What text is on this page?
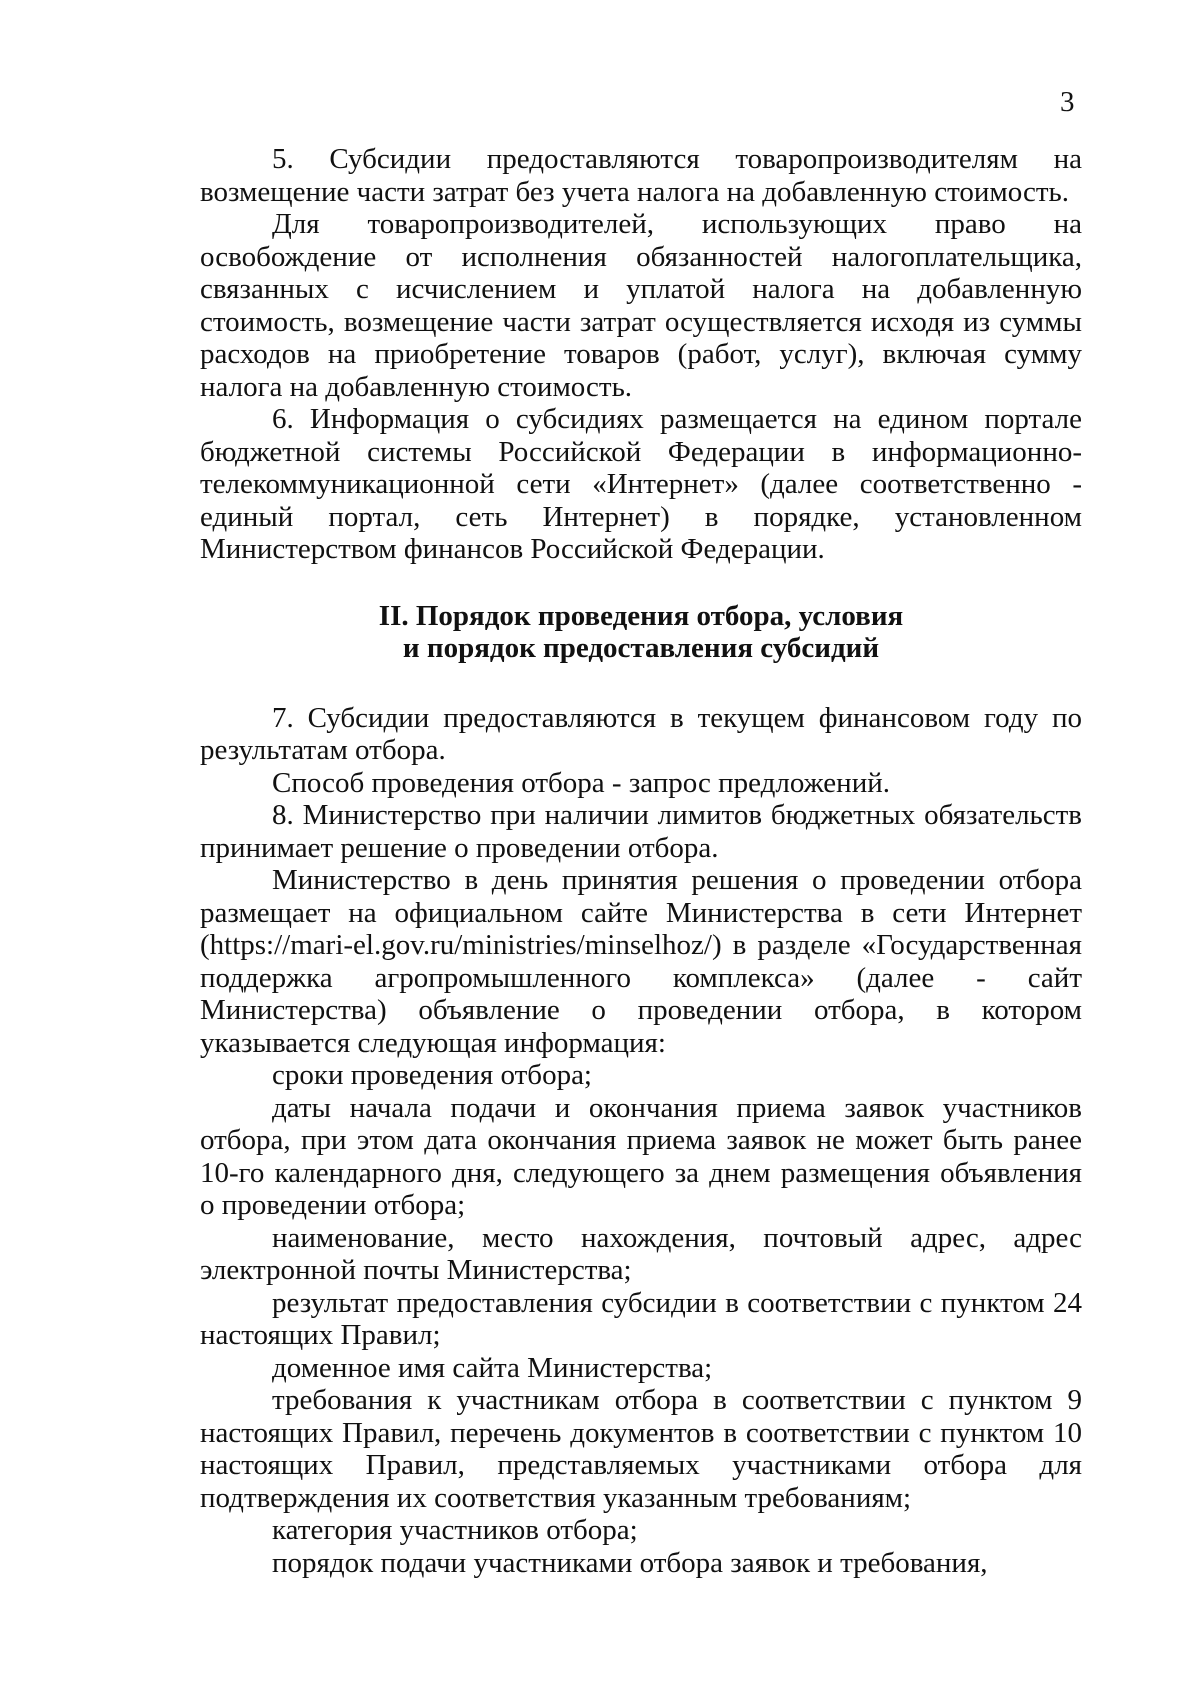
3

5. Субсидии предоставляются товаропроизводителям на возмещение части затрат без учета налога на добавленную стоимость.

Для товаропроизводителей, использующих право на освобождение от исполнения обязанностей налогоплательщика, связанных с исчислением и уплатой налога на добавленную стоимость, возмещение части затрат осуществляется исходя из суммы расходов на приобретение товаров (работ, услуг), включая сумму налога на добавленную стоимость.

6. Информация о субсидиях размещается на едином портале бюджетной системы Российской Федерации в информационно-телекоммуникационной сети «Интернет» (далее соответственно - единый портал, сеть Интернет) в порядке, установленном Министерством финансов Российской Федерации.

II. Порядок проведения отбора, условия
и порядок предоставления субсидий

7. Субсидии предоставляются в текущем финансовом году по результатам отбора.

Способ проведения отбора - запрос предложений.

8. Министерство при наличии лимитов бюджетных обязательств принимает решение о проведении отбора.

Министерство в день принятия решения о проведении отбора размещает на официальном сайте Министерства в сети Интернет (https://mari-el.gov.ru/ministries/minselhoz/) в разделе «Государственная поддержка агропромышленного комплекса» (далее - сайт Министерства) объявление о проведении отбора, в котором указывается следующая информация:

сроки проведения отбора;

даты начала подачи и окончания приема заявок участников отбора, при этом дата окончания приема заявок не может быть ранее 10-го календарного дня, следующего за днем размещения объявления о проведении отбора;

наименование, место нахождения, почтовый адрес, адрес электронной почты Министерства;

результат предоставления субсидии в соответствии с пунктом 24 настоящих Правил;

доменное имя сайта Министерства;

требования к участникам отбора в соответствии с пунктом 9 настоящих Правил, перечень документов в соответствии с пунктом 10 настоящих Правил, представляемых участниками отбора для подтверждения их соответствия указанным требованиям;

категория участников отбора;

порядок подачи участниками отбора заявок и требования,
